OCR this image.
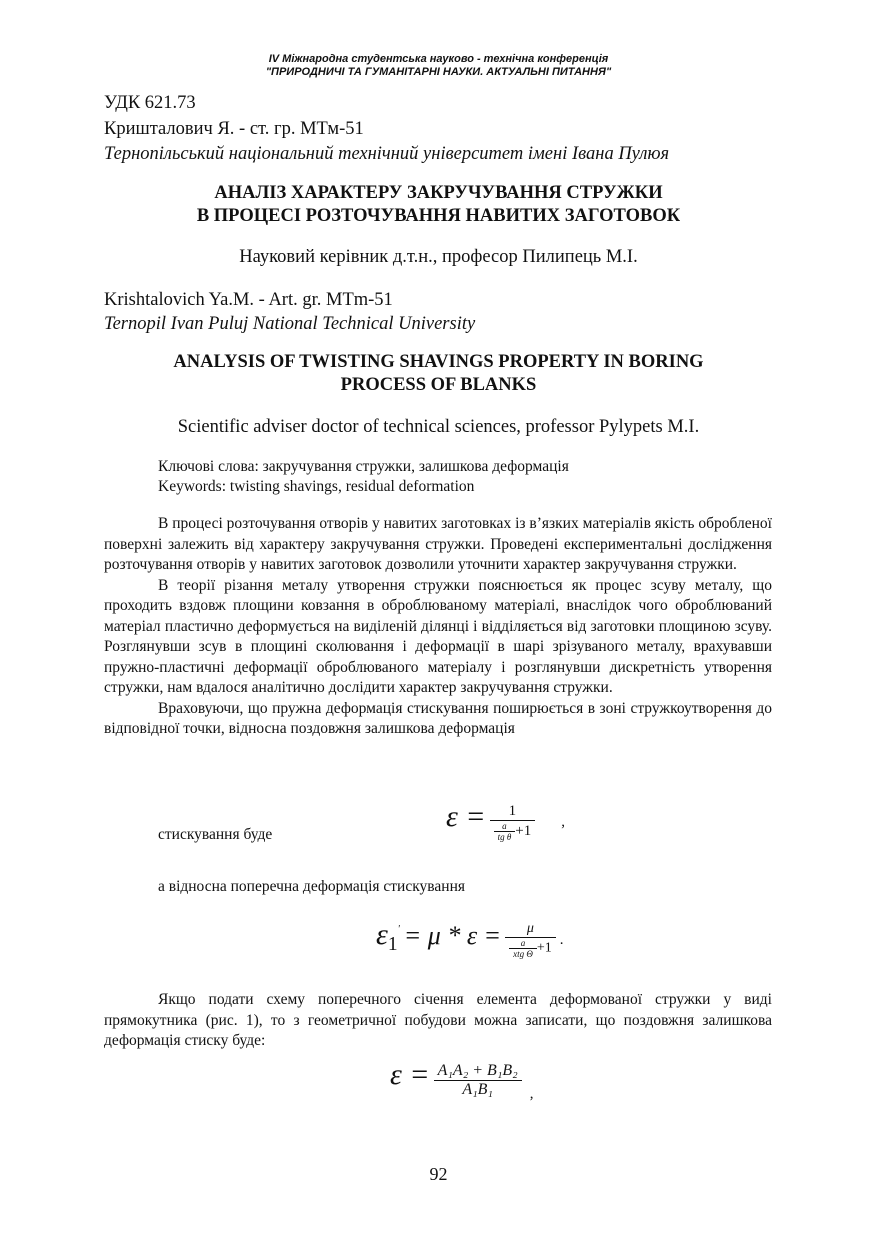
IV Міжнародна студентська науково - технічна конференція
"ПРИРОДНИЧІ ТА ГУМАНІТАРНІ НАУКИ. АКТУАЛЬНІ ПИТАННЯ"
УДК 621.73
Кришталович Я. - ст. гр. МТм-51
Тернопільський національний технічний університет імені Івана Пулюя
АНАЛІЗ ХАРАКТЕРУ ЗАКРУЧУВАННЯ СТРУЖКИ
В ПРОЦЕСІ РОЗТОЧУВАННЯ НАВИТИХ ЗАГОТОВОК
Науковий керівник д.т.н., професор Пилипець М.І.
Krishtalovich Ya.M. - Art. gr. MTm-51
Ternopil Ivan Puluj National Technical University
ANALYSIS OF TWISTING SHAVINGS PROPERTY IN BORING
PROCESS OF BLANKS
Scientific adviser doctor of technical sciences, professor Pylypets M.I.
Ключові слова: закручування стружки, залишкова деформація
Keywords: twisting shavings, residual deformation

В процесі розточування отворів у навитих заготовках із в’язких матеріалів якість обробленої поверхні залежить від характеру закручування стружки. Проведені експериментальні дослідження розточування отворів у навитих заготовок дозволили уточнити характер закручування стружки.

В теорії різання металу утворення стружки пояснюється як процес зсуву металу, що проходить вздовж площини ковзання в оброблюваному матеріалі, внаслідок чого оброблюваний матеріал пластично деформується на виділеній ділянці і відділяється від заготовки площиною зсуву. Розглянувши зсув в площині сколювання і деформації в шарі зрізуваного металу, врахувавши пружно-пластичні деформації оброблюваного матеріалу і розглянувши дискретність утворення стружки, нам вдалося аналітично дослідити характер закручування стружки.

Враховуючи, що пружна деформація стискування поширюється в зоні стружкоутворення до відповідної точки, відносна поздовжня залишкова деформація

стискування буде
$\varepsilon = \frac{1}{\frac{a}{\text{tg θ}} +1}$ ,
а відносна поперечна деформація стискування
$\varepsilon_1' = \mu * \varepsilon = \frac{\mu}{\frac{a}{\text{xtg Θ}} +1}$ .

Якщо подати схему поперечного січення елемента деформованої стружки у виді прямокутника (рис. 1), то з геометричної побудови можна записати, що поздовжня залишкова деформація стиску буде:

$\varepsilon = \frac{\text{A₁A₂ + B₁B₂}}{\text{A₁B₁}}$ ,
92
